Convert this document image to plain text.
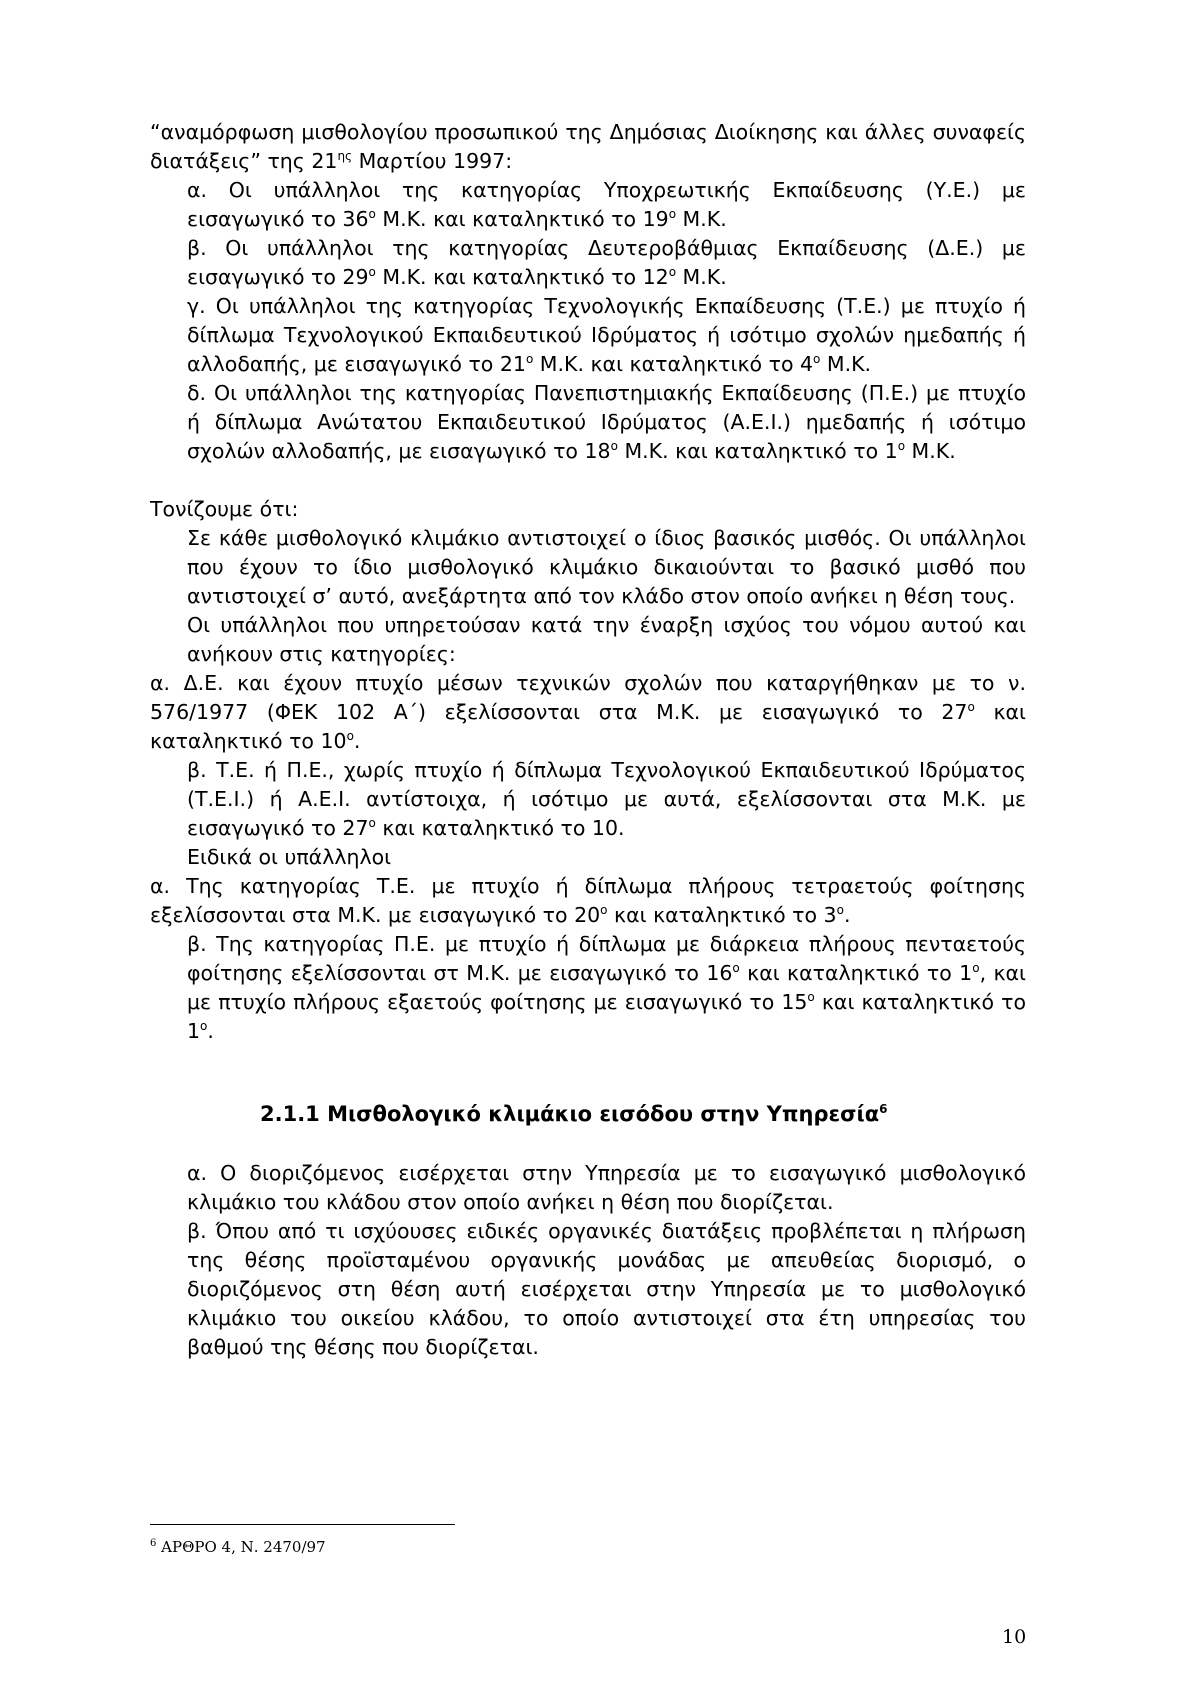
“αναμόρφωση μισθολογίου προσωπικού της Δημόσιας Διοίκησης και άλλες συναφείς διατάξεις” της $21^{\eta\varsigma}$ Μαρτίου 1997:

α. Οι υπάλληλοι της κατηγορίας Υποχρεωτικής Εκπαίδευσης (Υ.Ε.) με εισαγωγικό το $36^o$ Μ.Κ. και καταληκτικό το $19^o$ Μ.Κ.

β. Οι υπάλληλοι της κατηγορίας Δευτεροβάθμιας Εκπαίδευσης (Δ.Ε.) με εισαγωγικό το $29^o$ Μ.Κ. και καταληκτικό το $12^o$ Μ.Κ.

γ. Οι υπάλληλοι της κατηγορίας Τεχνολογικής Εκπαίδευσης (Τ.Ε.) με πτυχίο ή δίπλωμα Τεχνολογικού Εκπαιδευτικού Ιδρύματος ή ισότιμο σχολών ημεδαπής ή αλλοδαπής, με εισαγωγικό το $21^o$ Μ.Κ. και καταληκτικό το $4^o$ Μ.Κ.

δ. Οι υπάλληλοι της κατηγορίας Πανεπιστημιακής Εκπαίδευσης (Π.Ε.) με πτυχίο ή δίπλωμα Ανώτατου Εκπαιδευτικού Ιδρύματος (Α.Ε.Ι.) ημεδαπής ή ισότιμο σχολών αλλοδαπής, με εισαγωγικό το $18^o$ Μ.Κ. και καταληκτικό το $1^o$ Μ.Κ.

Τονίζουμε ότι:

Σε κάθε μισθολογικό κλιμάκιο αντιστοιχεί ο ίδιος βασικός μισθός. Οι υπάλληλοι που έχουν το ίδιο μισθολογικό κλιμάκιο δικαιούνται το βασικό μισθό που αντιστοιχεί σ’ αυτό, ανεξάρτητα από τον κλάδο στον οποίο ανήκει η θέση τους.

Οι υπάλληλοι που υπηρετούσαν κατά την έναρξη ισχύος του νόμου αυτού και ανήκουν στις κατηγορίες:

α. Δ.Ε. και έχουν πτυχίο μέσων τεχνικών σχολών που καταργήθηκαν με το ν. 576/1977 (ΦΕΚ 102 Α΄) εξελίσσονται στα Μ.Κ. με εισαγωγικό το $27^o$ και καταληκτικό το $10^o$.

β. Τ.Ε. ή Π.Ε., χωρίς πτυχίο ή δίπλωμα Τεχνολογικού Εκπαιδευτικού Ιδρύματος (Τ.Ε.Ι.) ή Α.Ε.Ι. αντίστοιχα, ή ισότιμο με αυτά, εξελίσσονται στα Μ.Κ. με εισαγωγικό το $27^o$ και καταληκτικό το 10.

Ειδικά οι υπάλληλοι

α. Της κατηγορίας Τ.Ε. με πτυχίο ή δίπλωμα πλήρους τετραετούς φοίτησης εξελίσσονται στα Μ.Κ. με εισαγωγικό το $20^o$ και καταληκτικό το $3^o$.

β. Της κατηγορίας Π.Ε. με πτυχίο ή δίπλωμα με διάρκεια πλήρους πενταετούς φοίτησης εξελίσσονται στ Μ.Κ. με εισαγωγικό το $16^o$ και καταληκτικό το $1^o$, και με πτυχίο πλήρους εξαετούς φοίτησης με εισαγωγικό το $15^o$ και καταληκτικό το $1^o$.

2.1.1 Μισθολογικό κλιμάκιο εισόδου στην Υπηρεσία$^6$

α. Ο διοριζόμενος εισέρχεται στην Υπηρεσία με το εισαγωγικό μισθολογικό κλιμάκιο του κλάδου στον οποίο ανήκει η θέση που διορίζεται.

β. Όπου από τι ισχύουσες ειδικές οργανικές διατάξεις προβλέπεται η πλήρωση της θέσης προϊσταμένου οργανικής μονάδας με απευθείας διορισμό, ο διοριζόμενος στη θέση αυτή εισέρχεται στην Υπηρεσία με το μισθολογικό κλιμάκιο του οικείου κλάδου, το οποίο αντιστοιχεί στα έτη υπηρεσίας του βαθμού της θέσης που διορίζεται.

$^6$ ΑΡΘΡΟ 4, Ν. 2470/97
10
